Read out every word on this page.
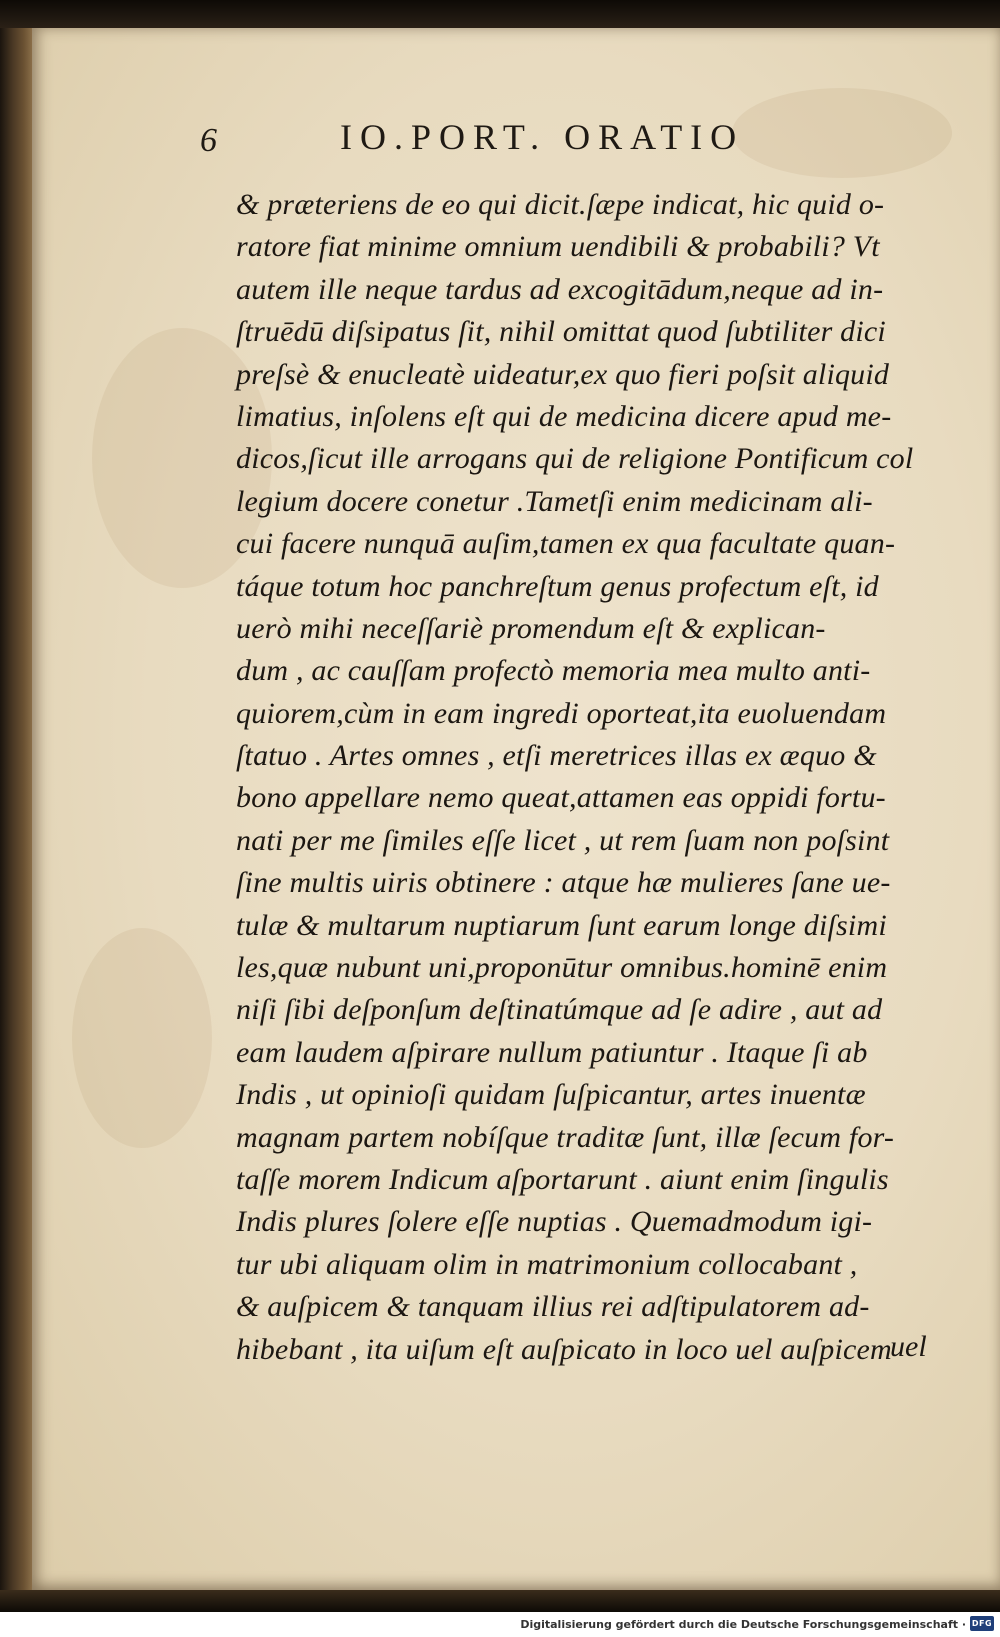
6	IO.PORT. ORATIO
& præteriens de eo qui dicit.ſæpe indicat, hic quid o-
ratore fiat minime omnium uendibili & probabili? Vt
autem ille neque tardus ad excogitādum,neque ad in-
ſtruēdū diſsipatus ſit, nihil omittat quod ſubtiliter dici
preſsè & enucleatè uideatur,ex quo fieri poſsit aliquid
limatius, inſolens eſt qui de medicina dicere apud me-
dicos,ſicut ille arrogans qui de religione Pontificum col
legium docere conetur .Tametſi enim medicinam ali-
cui facere nunquā auſim,tamen ex qua facultate quan-
táque totum hoc panchreſtum genus profectum eſt, id
uerò mihi neceſſariè promendum eſt & explican-
dum , ac cauſſam profectò memoria mea multo anti-
quiorem,cùm in eam ingredi oporteat,ita euoluendam
ſtatuo . Artes omnes , etſi meretrices illas ex æquo &
bono appellare nemo queat,attamen eas oppidi fortu-
nati per me ſimiles eſſe licet , ut rem ſuam non poſsint
ſine multis uiris obtinere : atque hæ mulieres ſane ue-
tulæ & multarum nuptiarum ſunt earum longe diſsimi
les,quæ nubunt uni,proponūtur omnibus.hominē enim
niſi ſibi deſponſum deſtinatúmque ad ſe adire , aut ad
eam laudem aſpirare nullum patiuntur . Itaque ſi ab
Indis , ut opinioſi quidam ſuſpicantur, artes inuentæ
magnam partem nobíſque traditæ ſunt, illæ ſecum for-
taſſe morem Indicum aſportarunt . aiunt enim ſingulis
Indis plures ſolere eſſe nuptias . Quemadmodum igi-
tur ubi aliquam olim in matrimonium collocabant ,
& auſpicem & tanquam illius rei adſtipulatorem ad-
hibebant , ita uiſum eſt auſpicato in loco uel auſpicem
uel
Digitalisierung gefördert durch die Deutsche Forschungsgemeinschaft · DFG
